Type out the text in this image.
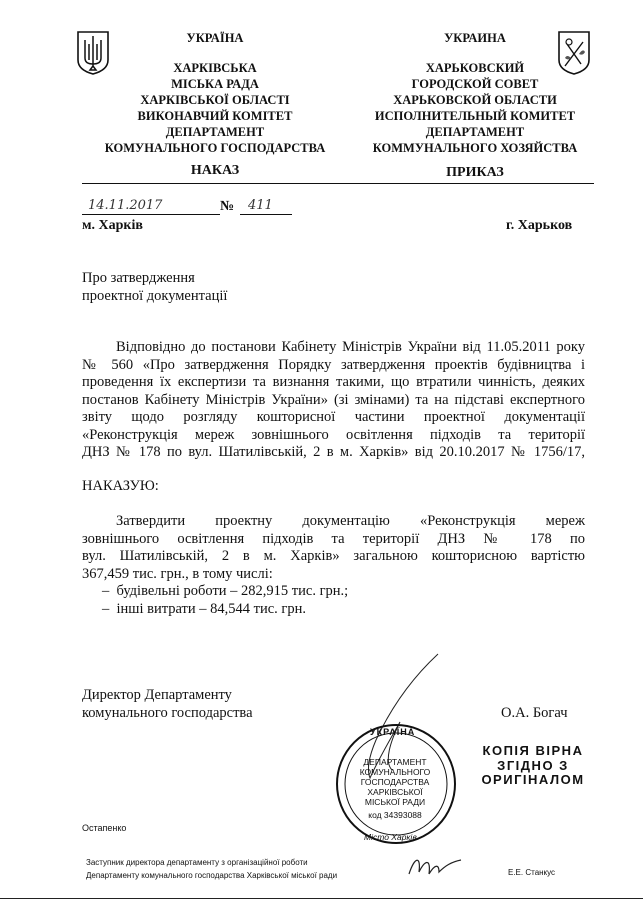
УКРАЇНА
ХАРКІВСЬКА
МІСЬКА РАДА
ХАРКІВСЬКОЇ ОБЛАСТІ
ВИКОНАВЧИЙ КОМІТЕТ
ДЕПАРТАМЕНТ
КОМУНАЛЬНОГО ГОСПОДАРСТВА
УКРАИНА
ХАРЬКОВСКИЙ
ГОРОДСКОЙ СОВЕТ
ХАРЬКОВСКОЙ ОБЛАСТИ
ИСПОЛНИТЕЛЬНЫЙ КОМИТЕТ
ДЕПАРТАМЕНТ
КОММУНАЛЬНОГО ХОЗЯЙСТВА
НАКАЗ	ПРИКАЗ
14.11.2017	№ 411
м. Харків	г. Харьков
Про затвердження
проектної документації
Відповідно до постанови Кабінету Міністрів України від 11.05.2011 року
№ 560 «Про затвердження Порядку затвердження проектів будівництва і
проведення їх експертизи та визнання такими, що втратили чинність, деяких
постанов Кабінету Міністрів України» (зі змінами) та на підставі експертного
звіту щодо розгляду кошторисної частини проектної документації
«Реконструкція мереж зовнішнього освітлення підходів та території
ДНЗ № 178 по вул. Шатилівській, 2 в м. Харків» від 20.10.2017 № 1756/17,
НАКАЗУЮ:
Затвердити проектну документацію «Реконструкція мереж
зовнішнього освітлення підходів та території ДНЗ № 178 по
вул. Шатилівській, 2 в м. Харків» загальною кошторисною вартістю
367,459 тис. грн., в тому числі:
– будівельні роботи – 282,915 тис. грн.;
– інші витрати – 84,544 тис. грн.
Директор Департаменту
комунального господарства	О.А. Богач
УКРАЇНА
ДЕПАРТАМЕНТ
КОМУНАЛЬНОГО
ГОСПОДАРСТВА
ХАРКІВСЬКОЇ
МІСЬКОЇ РАДИ
код 34393088
Місто Харків
КОПІЯ ВІРНА
ЗГІДНО З
ОРИГІНАЛОМ
Остапенко
Заступник директора департаменту з організаційної роботи
Департаменту комунального господарства Харківської міської ради	Е.Е. Станкус
